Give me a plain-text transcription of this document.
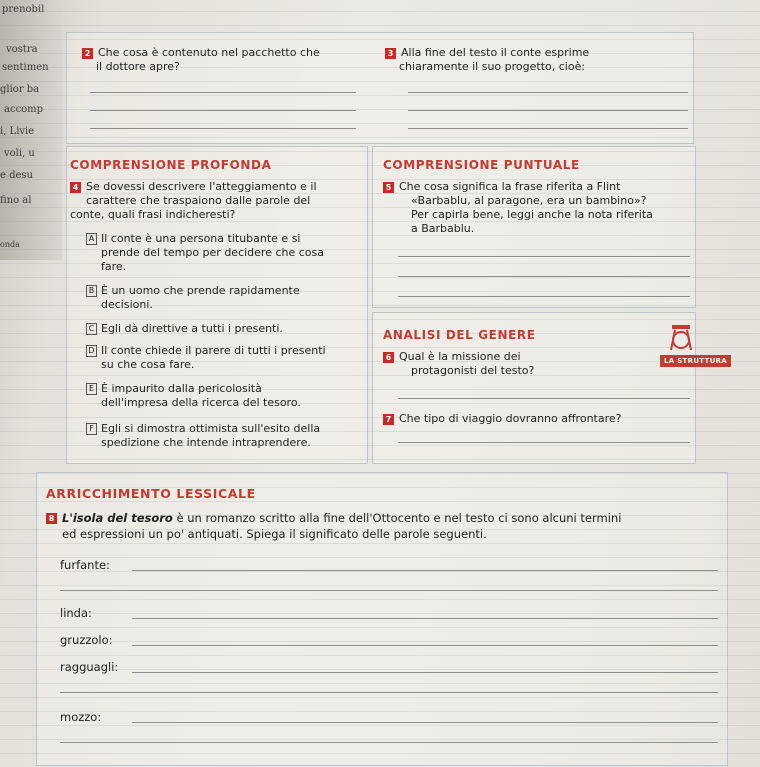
prenobil
vostra
sentimen
glior ba
accomp
i, Livie
voli, u
e desu
fino al
onda
2 Che cosa è contenuto nel pacchetto che
il dottore apre?
3 Alla fine del testo il conte esprime
chiaramente il suo progetto, cioè:
COMPRENSIONE PROFONDA
4 Se dovessi descrivere l'atteggiamento e il
carattere che traspaiono dalle parole del
conte, quali frasi indicheresti?
A Il conte è una persona titubante e si
prende del tempo per decidere che cosa
fare.
B È un uomo che prende rapidamente
decisioni.
C Egli dà direttive a tutti i presenti.
D Il conte chiede il parere di tutti i presenti
su che cosa fare.
E È impaurito dalla pericolosità
dell'impresa della ricerca del tesoro.
F Egli si dimostra ottimista sull'esito della
spedizione che intende intraprendere.
COMPRENSIONE PUNTUALE
5 Che cosa significa la frase riferita a Flint
«Barbablu, al paragone, era un bambino»?
Per capirla bene, leggi anche la nota riferita
a Barbablu.
ANALISI DEL GENERE
LA STRUTTURA
6 Qual è la missione dei
protagonisti del testo?
7 Che tipo di viaggio dovranno affrontare?
ARRICCHIMENTO LESSICALE
8 L'isola del tesoro è un romanzo scritto alla fine dell'Ottocento e nel testo ci sono alcuni termini
ed espressioni un po' antiquati. Spiega il significato delle parole seguenti.
furfante:
linda:
gruzzolo:
ragguagli:
mozzo:
